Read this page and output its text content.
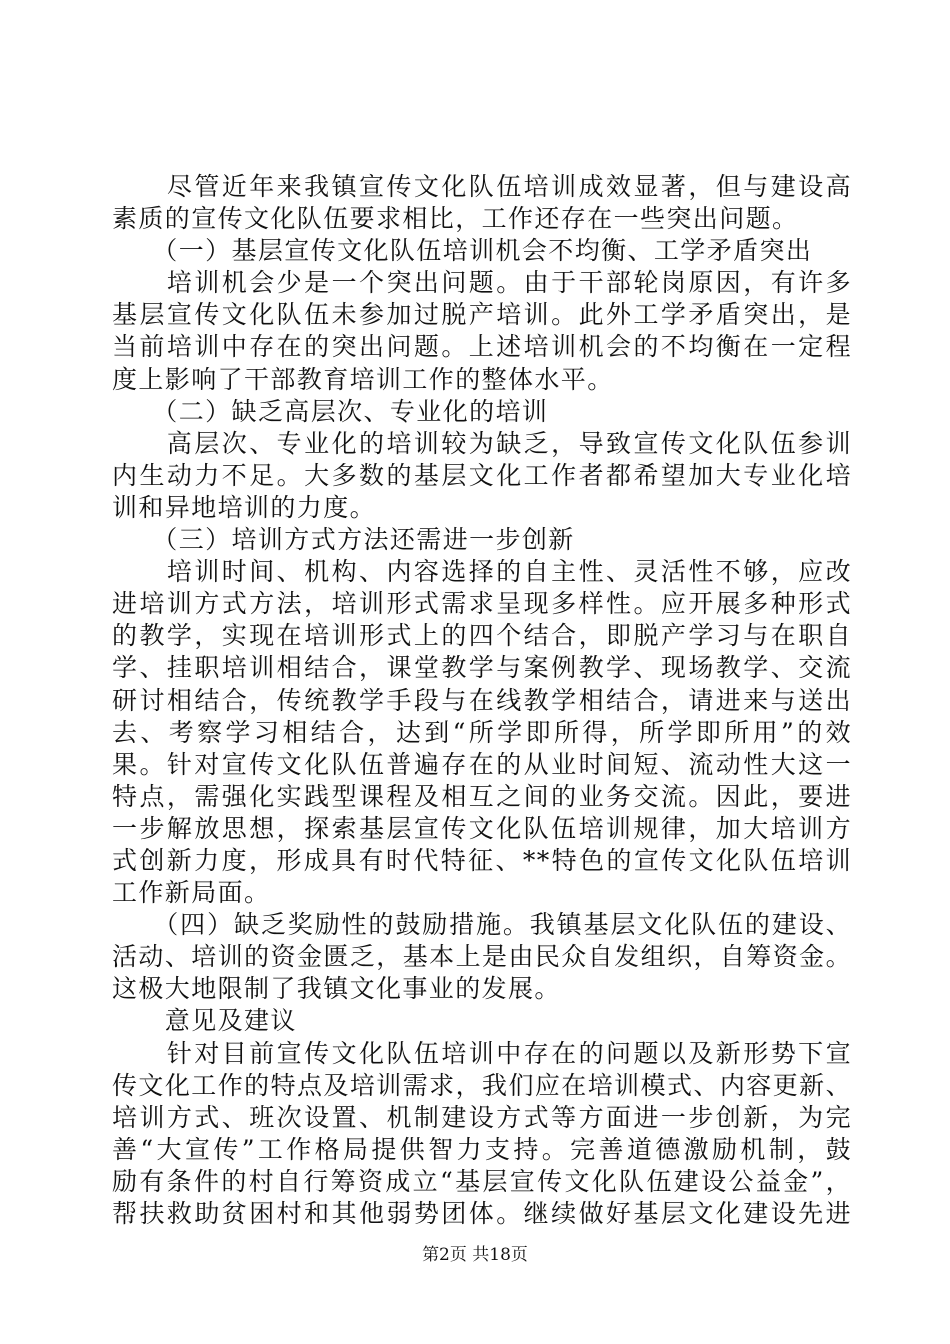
　　尽管近年来我镇宣传文化队伍培训成效显著，但与建设高
素质的宣传文化队伍要求相比，工作还存在一些突出问题。
　　（一）基层宣传文化队伍培训机会不均衡、工学矛盾突出
　　培训机会少是一个突出问题。由于干部轮岗原因，有许多
基层宣传文化队伍未参加过脱产培训。此外工学矛盾突出，是
当前培训中存在的突出问题。上述培训机会的不均衡在一定程
度上影响了干部教育培训工作的整体水平。
　　（二）缺乏高层次、专业化的培训
　　高层次、专业化的培训较为缺乏，导致宣传文化队伍参训
内生动力不足。大多数的基层文化工作者都希望加大专业化培
训和异地培训的力度。
　　（三）培训方式方法还需进一步创新
　　培训时间、机构、内容选择的自主性、灵活性不够，应改
进培训方式方法，培训形式需求呈现多样性。应开展多种形式
的教学，实现在培训形式上的四个结合，即脱产学习与在职自
学、挂职培训相结合，课堂教学与案例教学、现场教学、交流
研讨相结合，传统教学手段与在线教学相结合，请进来与送出
去、考察学习相结合，达到“所学即所得，所学即所用”的效
果。针对宣传文化队伍普遍存在的从业时间短、流动性大这一
特点，需强化实践型课程及相互之间的业务交流。因此，要进
一步解放思想，探索基层宣传文化队伍培训规律，加大培训方
式创新力度，形成具有时代特征、**特色的宣传文化队伍培训
工作新局面。
　　（四）缺乏奖励性的鼓励措施。我镇基层文化队伍的建设、
活动、培训的资金匮乏，基本上是由民众自发组织，自筹资金。
这极大地限制了我镇文化事业的发展。
　　意见及建议
　　针对目前宣传文化队伍培训中存在的问题以及新形势下宣
传文化工作的特点及培训需求，我们应在培训模式、内容更新、
培训方式、班次设置、机制建设方式等方面进一步创新，为完
善“大宣传”工作格局提供智力支持。完善道德激励机制，鼓
励有条件的村自行筹资成立“基层宣传文化队伍建设公益金”，
帮扶救助贫困村和其他弱势团体。继续做好基层文化建设先进
第2页 共18页
